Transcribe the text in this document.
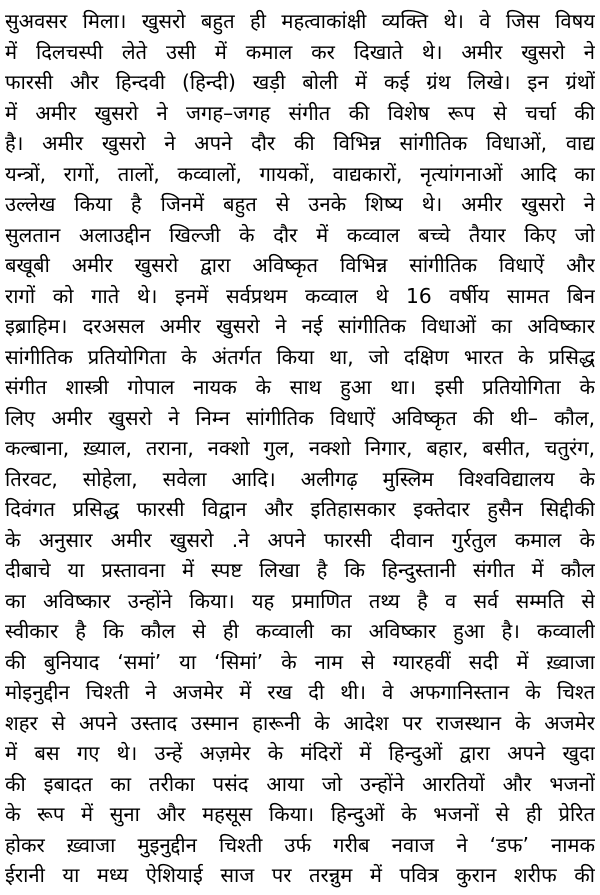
सुअवसर मिला। खुसरो बहुत ही महत्वाकांक्षी व्यक्ति थे। वे जिस विषय
में दिलचस्पी लेते उसी में कमाल कर दिखाते थे। अमीर खुसरो ने
फारसी और हिन्दवी (हिन्दी) खड़ी बोली में कई ग्रंथ लिखे। इन ग्रंथों
में अमीर खुसरो ने जगह–जगह संगीत की विशेष रूप से चर्चा की
है। अमीर खुसरो ने अपने दौर की विभिन्न सांगीतिक विधाओं, वाद्य
यन्त्रों, रागों, तालों, कव्वालों, गायकों, वाद्यकारों, नृत्यांगनाओं आदि का
उल्लेख किया है जिनमें बहुत से उनके शिष्य थे। अमीर खुसरो ने
सुलतान अलाउद्दीन खिल्जी के दौर में कव्वाल बच्चे तैयार किए जो
बखूबी अमीर खुसरो द्वारा अविष्कृत विभिन्न सांगीतिक विधाऐं और
रागों को गाते थे। इनमें सर्वप्रथम कव्वाल थे 16 वर्षीय सामत बिन
इब्राहिम। दरअसल अमीर खुसरो ने नई सांगीतिक विधाओं का अविष्कार
सांगीतिक प्रतियोगिता के अंतर्गत किया था, जो दक्षिण भारत के प्रसिद्ध
संगीत शास्त्री गोपाल नायक के साथ हुआ था। इसी प्रतियोगिता के
लिए अमीर खुसरो ने निम्न सांगीतिक विधाऐं अविष्कृत की थी– कौल,
कल्बाना, ख़्याल, तराना, नक्शो गुल, नक्शो निगार, बहार, बसीत, चतुरंग,
तिरवट, सोहेला, सवेला आदि। अलीगढ़ मुस्लिम विश्वविद्यालय के
दिवंगत प्रसिद्ध फारसी विद्वान और इतिहासकार इक्तेदार हुसैन सिद्दीकी
के अनुसार अमीर खुसरो .ने अपने फारसी दीवान गुर्रतुल कमाल के
दीबाचे या प्रस्तावना में स्पष्ट लिखा है कि हिन्दुस्तानी संगीत में कौल
का अविष्कार उन्होंने किया। यह प्रमाणित तथ्य है व सर्व सम्मति से
स्वीकार है कि कौल से ही कव्वाली का अविष्कार हुआ है। कव्वाली
की बुनियाद ‘समां’ या ‘सिमां’ के नाम से ग्यारहवीं सदी में ख़्वाजा
मोइनुद्दीन चिश्ती ने अजमेर में रख दी थी। वे अफगानिस्तान के चिश्त
शहर से अपने उस्ताद उस्मान हारूनी के आदेश पर राजस्थान के अजमेर
में बस गए थे। उन्हें अज़मेर के मंदिरों में हिन्दुओं द्वारा अपने खुदा
की इबादत का तरीका पसंद आया जो उन्होंने आरतियों और भजनों
के रूप में सुना और महसूस किया। हिन्दुओं के भजनों से ही प्रेरित
होकर ख़्वाजा मुइनुद्दीन चिश्ती उर्फ गरीब नवाज ने ‘डफ’ नामक
ईरानी या मध्य ऐशियाई साज पर तरन्नुम में पवित्र कुरान शरीफ की
